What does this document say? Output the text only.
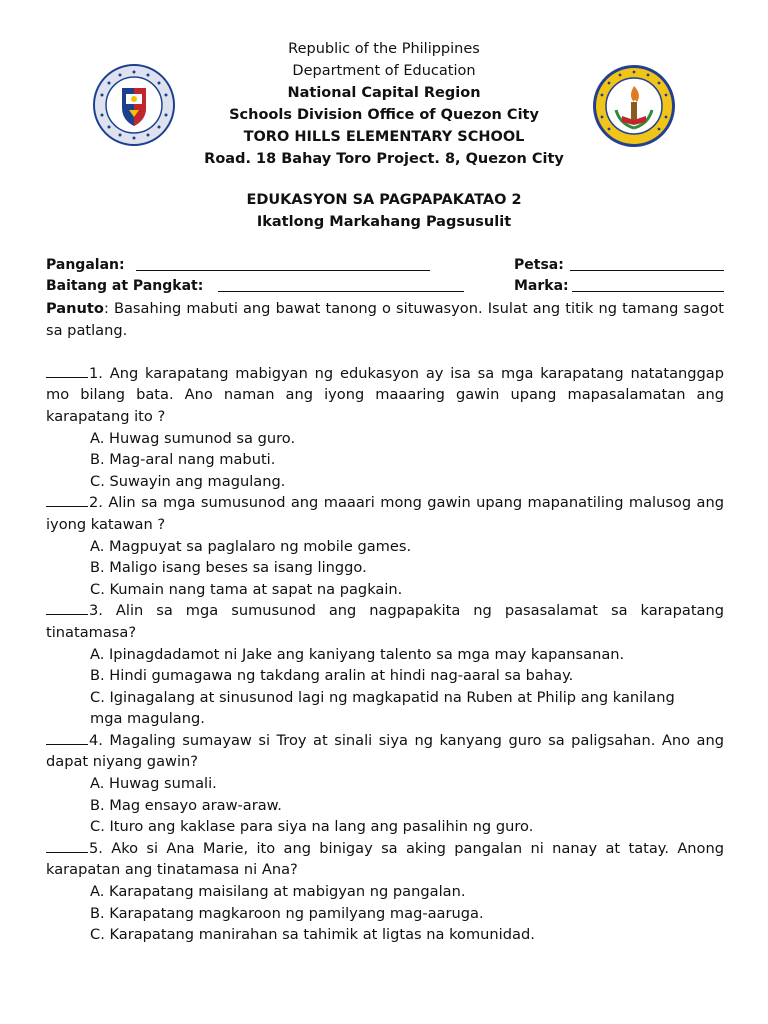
Republic of the Philippines
Department of Education
National Capital Region
Schools Division Office of Quezon City
TORO HILLS ELEMENTARY SCHOOL
Road. 18 Bahay Toro Project. 8, Quezon City
EDUKASYON SA PAGPAPAKATAO 2
Ikatlong Markahang Pagsusulit
Pangalan:	Petsa:
Baitang at Pangkat:	Marka:

Panuto: Basahing mabuti ang bawat tanong o situwasyon. Isulat ang titik ng tamang sagot sa patlang.

1. Ang karapatang mabigyan ng edukasyon ay isa sa mga karapatang natatanggap mo bilang bata. Ano naman ang iyong maaaring gawin upang mapasalamatan ang karapatang ito ?

A. Huwag sumunod sa guro.

B. Mag-aral nang mabuti.

C. Suwayin ang magulang.

2. Alin sa mga sumusunod ang maaari mong gawin upang mapanatiling malusog ang iyong katawan ?

A. Magpuyat sa paglalaro ng mobile games.

B. Maligo isang beses sa isang linggo.

C. Kumain nang tama at sapat na pagkain.

3. Alin sa mga sumusunod ang nagpapakita ng pasasalamat sa karapatang tinatamasa?

A. Ipinagdadamot ni Jake ang kaniyang talento sa mga may kapansanan.

B. Hindi gumagawa ng takdang aralin at hindi nag-aaral sa bahay.

C. Iginagalang at sinusunod lagi ng magkapatid na Ruben at Philip ang kanilang mga magulang.

4. Magaling sumayaw si Troy at sinali siya ng kanyang guro sa paligsahan. Ano ang dapat niyang gawin?

A. Huwag sumali.

B. Mag ensayo araw-araw.

C. Ituro ang kaklase para siya na lang ang pasalihin ng guro.

5. Ako si Ana Marie, ito ang binigay sa aking pangalan ni nanay at tatay. Anong karapatan ang tinatamasa ni Ana?

A. Karapatang maisilang at mabigyan ng pangalan.

B. Karapatang magkaroon ng pamilyang mag-aaruga.

C. Karapatang manirahan sa tahimik at ligtas na komunidad.
